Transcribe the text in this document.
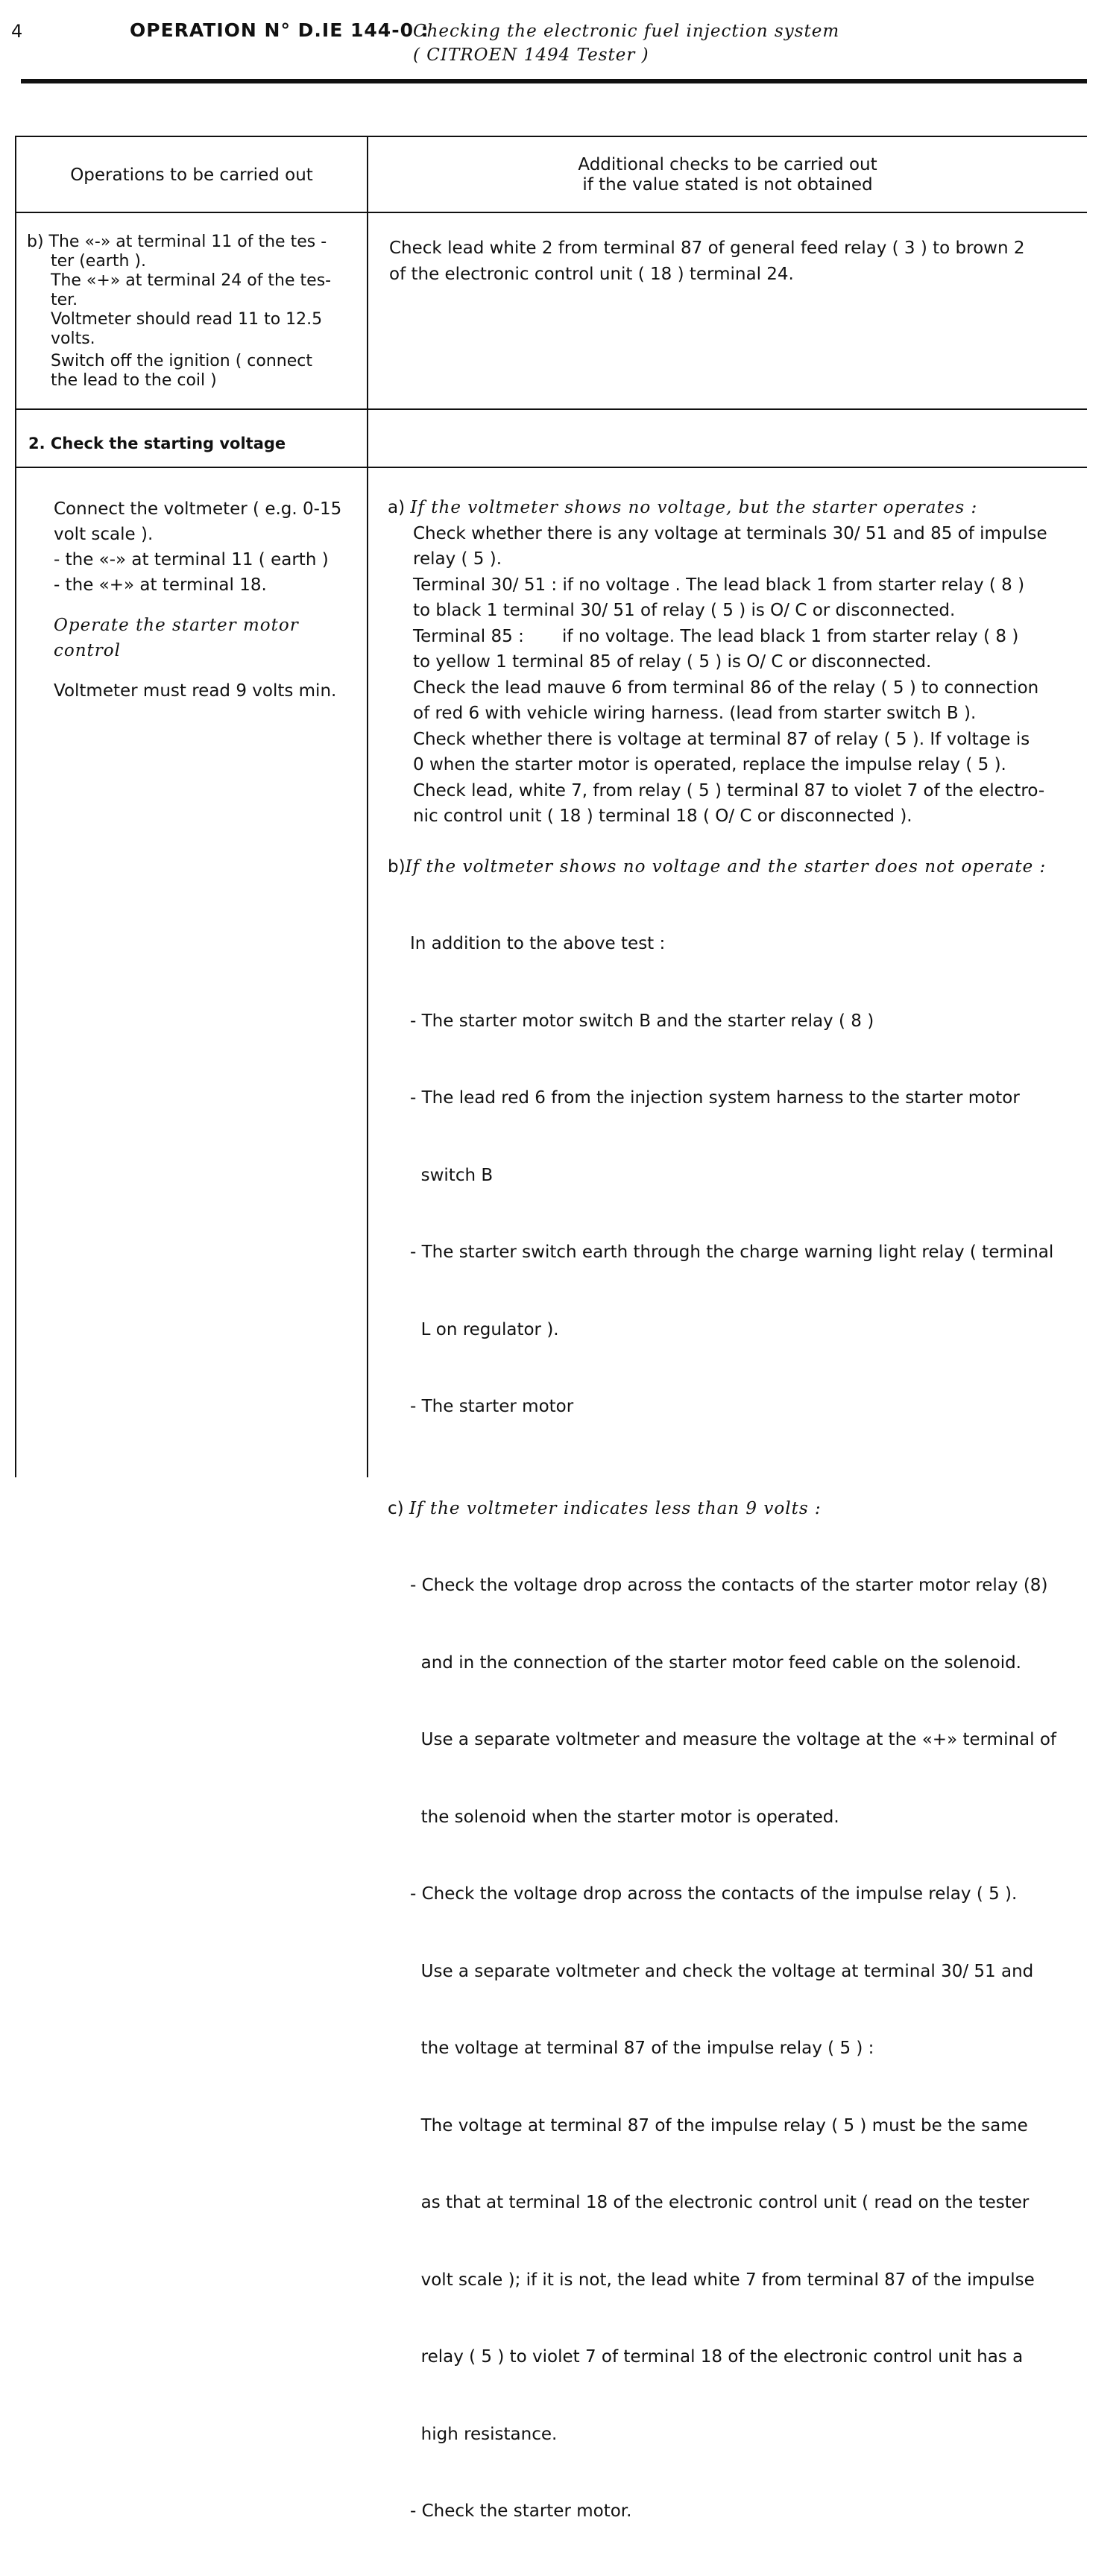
4	OPERATION N° D.IE 144-0 :
Checking the electronic fuel injection system
( CITROEN 1494 Tester )
Operations to be carried out
Additional checks to be carried out
if the value stated is not obtained

b) The «-» at terminal 11 of the tes -

ter (earth ).

The «+» at terminal 24 of the tes-

ter.

Voltmeter should read 11 to 12.5

volts.

Switch off the ignition ( connect

the lead to the coil )

Check lead white 2 from terminal 87 of general feed relay ( 3 ) to brown 2

of the electronic control unit ( 18 ) terminal 24.

2. Check the starting voltage

Connect the voltmeter ( e.g. 0-15

volt scale ).

- the «-» at terminal 11 ( earth )

- the «+» at terminal 18.

Operate the starter motor control

Voltmeter must read 9 volts min.

a) If the voltmeter shows no voltage, but the starter operates :

Check whether there is any voltage at terminals 30/ 51 and 85 of impulse

relay ( 5 ).

Terminal 30/ 51 : if no voltage . The lead black 1 from starter relay ( 8 )

to black 1 terminal 30/ 51 of relay ( 5 ) is O/ C or disconnected.

Terminal 85 :       if no voltage. The lead black 1 from starter relay ( 8 )

to yellow 1 terminal 85 of relay ( 5 ) is O/ C or disconnected.

Check the lead mauve 6 from terminal 86 of the relay ( 5 ) to connection

of red 6 with vehicle wiring harness. (lead from starter switch B ).

Check whether there is voltage at terminal 87 of relay ( 5 ). If voltage is

0 when the starter motor is operated, replace the impulse relay ( 5 ).

Check lead, white 7, from relay ( 5 ) terminal 87 to violet 7 of the electro-

nic control unit ( 18 ) terminal 18 ( O/ C or disconnected ).

b)If the voltmeter shows no voltage and the starter does not operate :

In addition to the above test :

- The starter motor switch B and the starter relay ( 8 )

- The lead red 6 from the injection system harness to the starter motor

switch B

- The starter switch earth through the charge warning light relay ( terminal

L on regulator ).

- The starter motor

c) If the voltmeter indicates less than 9 volts :

- Check the voltage drop across the contacts of the starter motor relay (8)

and in the connection of the starter motor feed cable on the solenoid.

Use a separate voltmeter and measure the voltage at the «+» terminal of

the solenoid when the starter motor is operated.

- Check the voltage drop across the contacts of the impulse relay ( 5 ).

Use a separate voltmeter and check the voltage at terminal 30/ 51 and

the voltage at terminal 87 of the impulse relay ( 5 ) :

The voltage at terminal 87 of the impulse relay ( 5 ) must be the same

as that at terminal 18 of the electronic control unit ( read on the tester

volt scale ); if it is not, the lead white 7 from terminal 87 of the impulse

relay ( 5 ) to violet 7 of terminal 18 of the electronic control unit has a

high resistance.

- Check the starter motor.
